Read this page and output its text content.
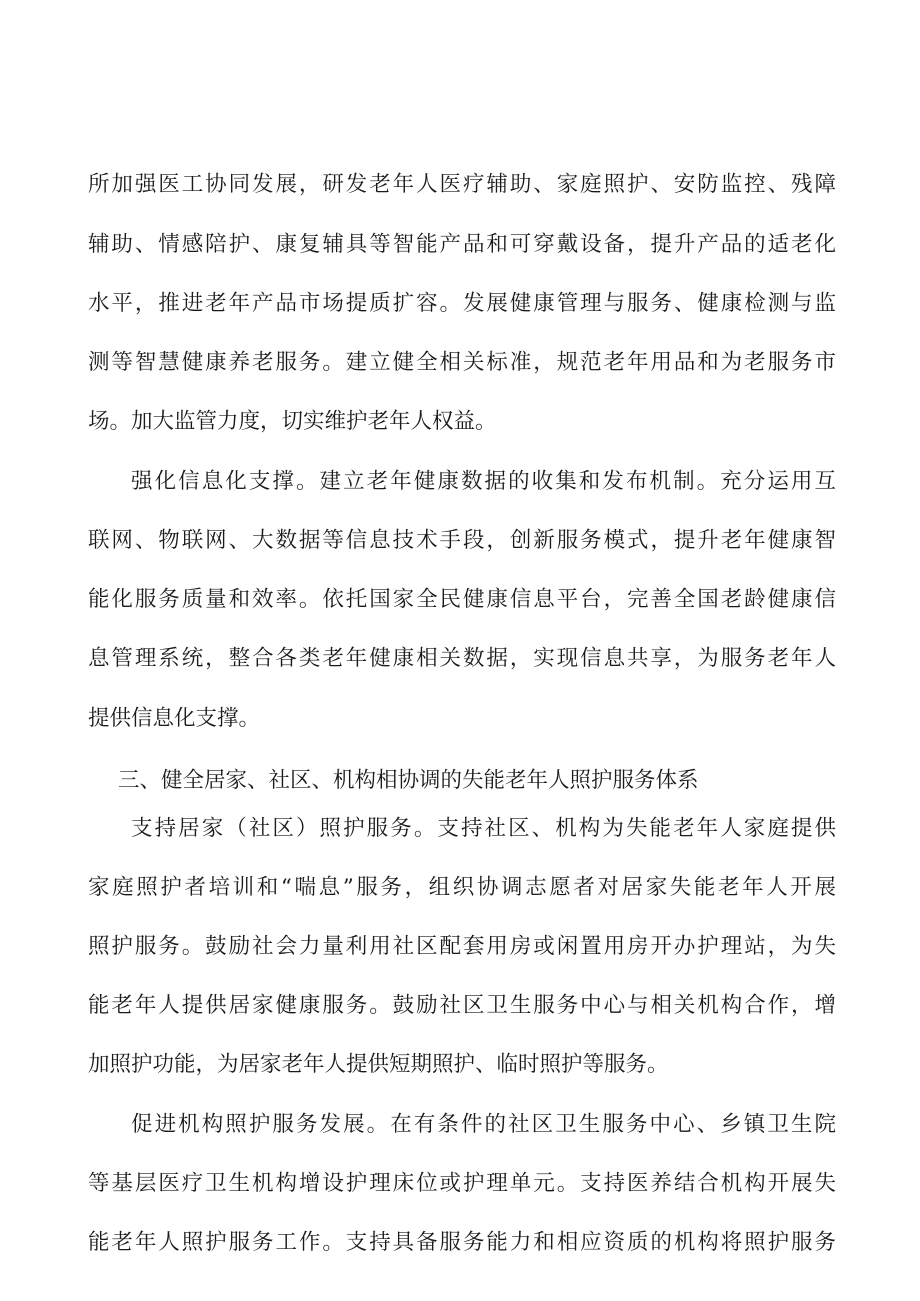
所加强医工协同发展，研发老年人医疗辅助、家庭照护、安防监控、残障
辅助、情感陪护、康复辅具等智能产品和可穿戴设备，提升产品的适老化
水平，推进老年产品市场提质扩容。发展健康管理与服务、健康检测与监
测等智慧健康养老服务。建立健全相关标准，规范老年用品和为老服务市
场。加大监管力度，切实维护老年人权益。
强化信息化支撑。建立老年健康数据的收集和发布机制。充分运用互
联网、物联网、大数据等信息技术手段，创新服务模式，提升老年健康智
能化服务质量和效率。依托国家全民健康信息平台，完善全国老龄健康信
息管理系统，整合各类老年健康相关数据，实现信息共享，为服务老年人
提供信息化支撑。
三、健全居家、社区、机构相协调的失能老年人照护服务体系
支持居家（社区）照护服务。支持社区、机构为失能老年人家庭提供
家庭照护者培训和“喘息”服务，组织协调志愿者对居家失能老年人开展
照护服务。鼓励社会力量利用社区配套用房或闲置用房开办护理站，为失
能老年人提供居家健康服务。鼓励社区卫生服务中心与相关机构合作，增
加照护功能，为居家老年人提供短期照护、临时照护等服务。
促进机构照护服务发展。在有条件的社区卫生服务中心、乡镇卫生院
等基层医疗卫生机构增设护理床位或护理单元。支持医养结合机构开展失
能老年人照护服务工作。支持具备服务能力和相应资质的机构将照护服务
